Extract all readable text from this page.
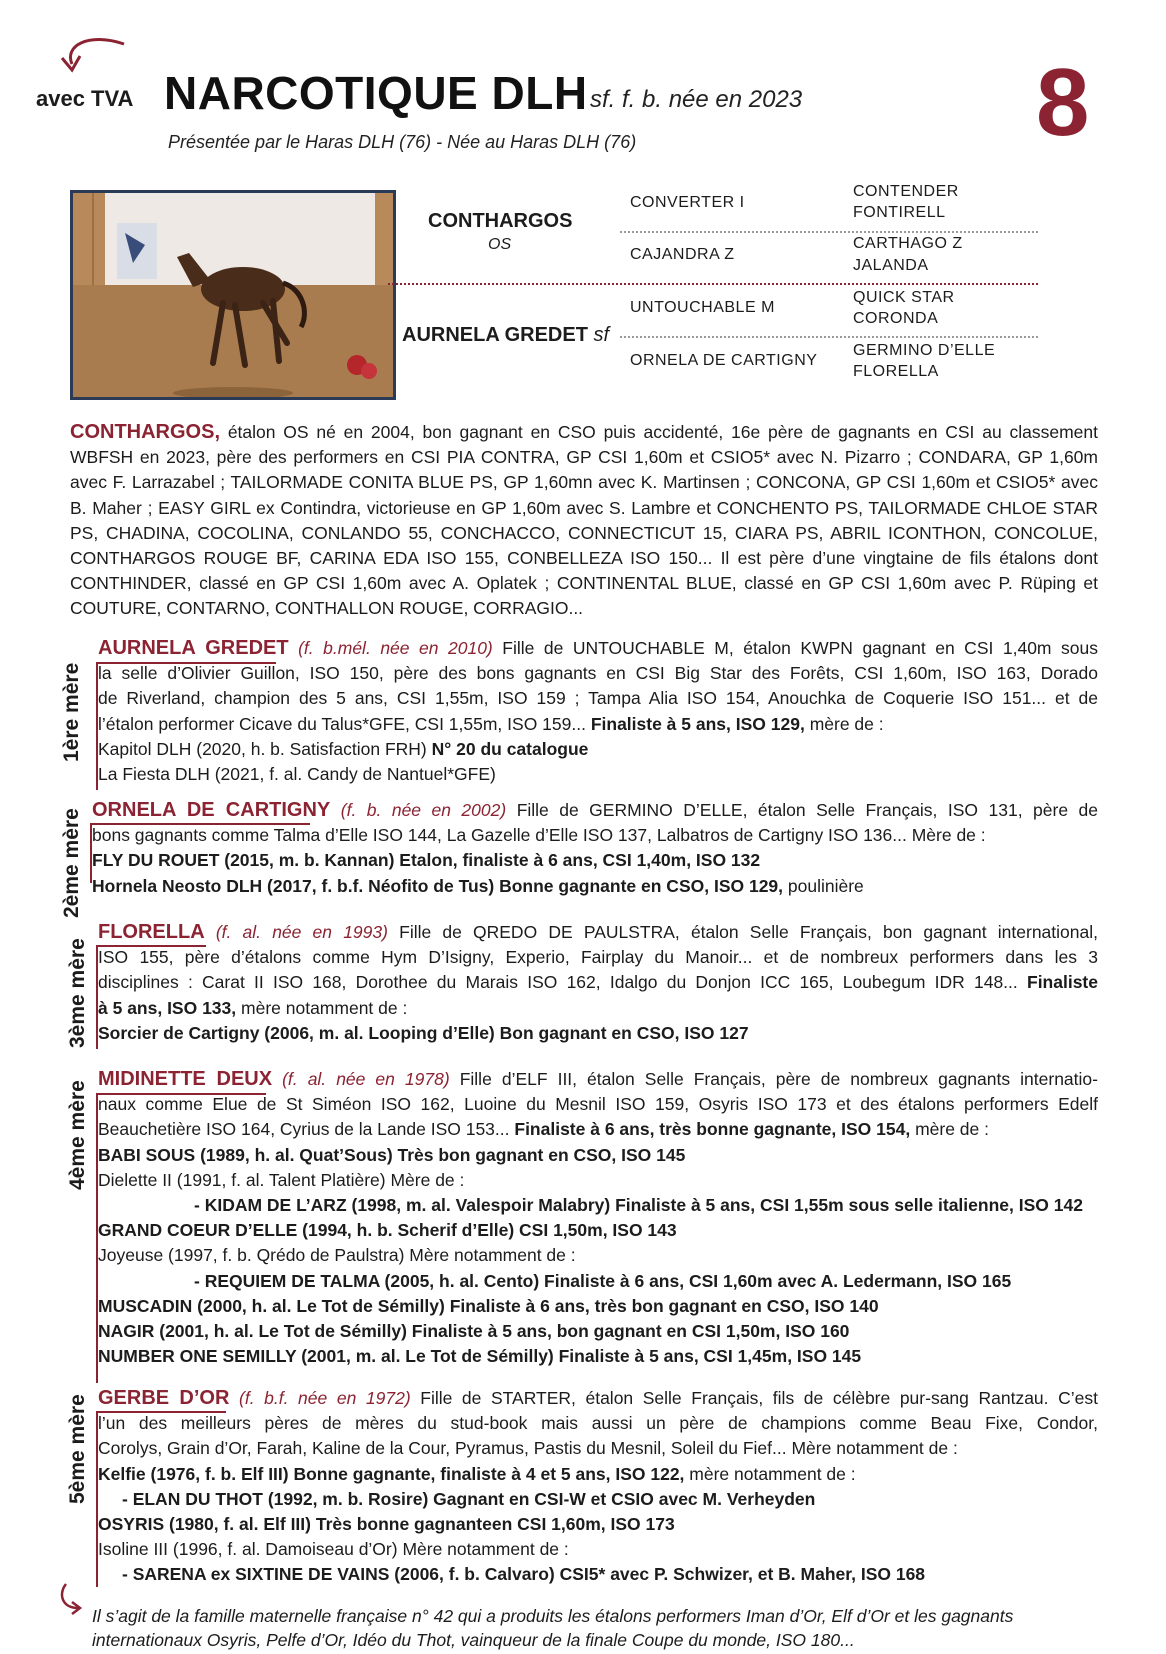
avec TVA NARCOTIQUE DLH sf. f. b. née en 2023 8
Présentée par le Haras DLH (76) - Née au Haras DLH (76)
CONTHARGOS
OS
AURNELA GREDET sf
CONVERTER I
CAJANDRA Z
UNTOUCHABLE M
ORNELA DE CARTIGNY
CONTENDER
FONTIRELL
CARTHAGO Z
JALANDA
QUICK STAR
CORONDA
GERMINO D’ELLE
FLORELLA

CONTHARGOS, étalon OS né en 2004, bon gagnant en CSO puis accidenté, 16e père de gagnants en CSI au classement WBFSH en 2023, père des performers en CSI PIA CONTRA, GP CSI 1,60m et CSIO5* avec N. Pizarro ; CONDARA, GP 1,60m avec F. Larrazabel ; TAILORMADE CONITA BLUE PS, GP 1,60mn avec K. Martinsen ; CONCONA, GP CSI 1,60m et CSIO5* avec B. Maher ; EASY GIRL ex Contindra, victorieuse en GP 1,60m avec S. Lambre et CONCHENTO PS, TAILORMADE CHLOE STAR PS, CHADINA, COCOLINA, CONLANDO 55, CONCHACCO, CONNECTICUT 15, CIARA PS, ABRIL ICONTHON, CONCOLUE, CONTHARGOS ROUGE BF, CARINA EDA ISO 155, CONBELLEZA ISO 150... Il est père d’une vingtaine de fils étalons dont CONTHINDER, classé en GP CSI 1,60m avec A. Oplatek ; CONTINENTAL BLUE, classé en GP CSI 1,60m avec P. Rüping et COUTURE, CONTARNO, CONTHALLON ROUGE, CORRAGIO...

1ère mère
AURNELA GREDET (f. b.mél. née en 2010) Fille de UNTOUCHABLE M, étalon KWPN gagnant en CSI 1,40m sous
la selle d’Olivier Guillon, ISO 150, père des bons gagnants en CSI Big Star des Forêts, CSI 1,60m, ISO 163, Dorado
de Riverland, champion des 5 ans, CSI 1,55m, ISO 159 ; Tampa Alia ISO 154, Anouchka de Coquerie ISO 151... et de
l’étalon performer Cicave du Talus*GFE, CSI 1,55m, ISO 159... Finaliste à 5 ans, ISO 129, mère de :
Kapitol DLH (2020, h. b. Satisfaction FRH) N° 20 du catalogue
La Fiesta DLH (2021, f. al. Candy de Nantuel*GFE)
2ème mère ORNELA DE CARTIGNY (f. b. née en 2002) Fille de GERMINO D’ELLE, étalon Selle Français, ISO 131, père de
bons gagnants comme Talma d’Elle ISO 144, La Gazelle d’Elle ISO 137, Lalbatros de Cartigny ISO 136... Mère de :
FLY DU ROUET (2015, m. b. Kannan) Etalon, finaliste à 6 ans, CSI 1,40m, ISO 132
Hornela Neosto DLH (2017, f. b.f. Néofito de Tus) Bonne gagnante en CSO, ISO 129, poulinière
3ème mère
FLORELLA (f. al. née en 1993) Fille de QREDO DE PAULSTRA, étalon Selle Français, bon gagnant international,
ISO 155, père d’étalons comme Hym D’Isigny, Experio, Fairplay du Manoir... et de nombreux performers dans les 3
disciplines : Carat II ISO 168, Dorothee du Marais ISO 162, Idalgo du Donjon ICC 165, Loubegum IDR 148... Finaliste
à 5 ans, ISO 133, mère notamment de :
Sorcier de Cartigny (2006, m. al. Looping d’Elle) Bon gagnant en CSO, ISO 127
4ème mère
MIDINETTE DEUX (f. al. née en 1978) Fille d’ELF III, étalon Selle Français, père de nombreux gagnants internatio-
naux comme Elue de St Siméon ISO 162, Luoine du Mesnil ISO 159, Osyris ISO 173 et des étalons performers Edelf
Beauchetière ISO 164, Cyrius de la Lande ISO 153... Finaliste à 6 ans, très bonne gagnante, ISO 154, mère de :
BABI SOUS (1989, h. al. Quat’Sous) Très bon gagnant en CSO, ISO 145
Dielette II (1991, f. al. Talent Platière) Mère de :
- KIDAM DE L’ARZ (1998, m. al. Valespoir Malabry) Finaliste à 5 ans, CSI 1,55m sous selle italienne, ISO 142
GRAND COEUR D’ELLE (1994, h. b. Scherif d’Elle) CSI 1,50m, ISO 143
Joyeuse (1997, f. b. Qrédo de Paulstra) Mère notamment de :
- REQUIEM DE TALMA (2005, h. al. Cento) Finaliste à 6 ans, CSI 1,60m avec A. Ledermann, ISO 165
MUSCADIN (2000, h. al. Le Tot de Sémilly) Finaliste à 6 ans, très bon gagnant en CSO, ISO 140
NAGIR (2001, h. al. Le Tot de Sémilly) Finaliste à 5 ans, bon gagnant en CSI 1,50m, ISO 160
NUMBER ONE SEMILLY (2001, m. al. Le Tot de Sémilly) Finaliste à 5 ans, CSI 1,45m, ISO 145
5ème mère GERBE D’OR (f. b.f. née en 1972) Fille de STARTER, étalon Selle Français, fils de célèbre pur-sang Rantzau. C’est
l’un des meilleurs pères de mères du stud-book mais aussi un père de champions comme Beau Fixe, Condor,
Corolys, Grain d’Or, Farah, Kaline de la Cour, Pyramus, Pastis du Mesnil, Soleil du Fief... Mère notamment de :
Kelfie (1976, f. b. Elf III) Bonne gagnante, finaliste à 4 et 5 ans, ISO 122, mère notamment de :
- ELAN DU THOT (1992, m. b. Rosire) Gagnant en CSI-W et CSIO avec M. Verheyden
OSYRIS (1980, f. al. Elf III) Très bonne gagnanteen CSI 1,60m, ISO 173
Isoline III (1996, f. al. Damoiseau d’Or) Mère notamment de :
- SARENA ex SIXTINE DE VAINS (2006, f. b. Calvaro) CSI5* avec P. Schwizer, et B. Maher, ISO 168
Il s’agit de la famille maternelle française n° 42 qui a produits les étalons performers Iman d’Or, Elf d’Or et les gagnants internationaux Osyris, Pelfe d’Or, Idéo du Thot, vainqueur de la finale Coupe du monde, ISO 180...
